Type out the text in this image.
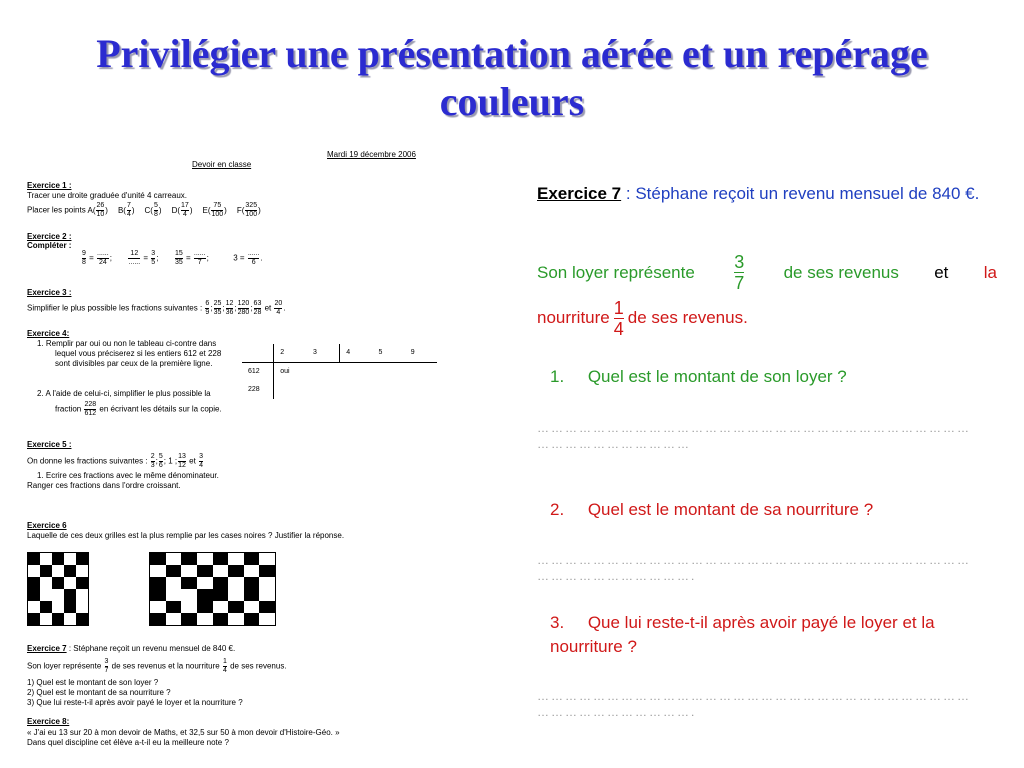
Privilégier une présentation aérée et un repérage couleurs
Mardi 19 décembre 2006
Devoir en classe
Exercice 1 :
Tracer une droite graduée d'unité 4 carreaux.
Placer les points $A( \frac{26}{10}$ ) $B( \frac{7}{4}$ ) $C( \frac{5}{8}$ ) $D( \frac{17}{4}$ ) $E( \frac{75}{100}$ ) $F( \frac{325}{100}$ )
Exercice 2 :
Compléter :
$\frac{9}{8} = \frac{......}{24}$ ; $\frac{12}{......} = \frac{3}{5}$ ; $\frac{15}{35} = \frac{......}{7}$ ;           $3 = \frac{......}{6}$ .
Exercice 3 :
Simplifier le plus possible les fractions suivantes : $\frac{6}{9}$ ; $\frac{25}{35}$ ; $\frac{12}{36}$ ; $\frac{120}{280}$ ; $\frac{63}{28}$ et $\frac{20}{4}$ .
Exercice 4:
1. Remplir par oui ou non le tableau ci-contre dans
lequel vous préciserez si les entiers 612 et 228
sont divisibles par ceux de la première ligne.
2. A l'aide de celui-ci, simplifier le plus possible la
fraction $\frac{228}{612}$ en écrivant les détails sur la copie.
	2	3	4	5	9
612	oui				
228					
Exercice 5 :
On donne les fractions suivantes : $\frac{2}{3}$ ; $\frac{5}{6}$ ; 1 ; $\frac{13}{12}$ et $\frac{3}{4}$
1. Ecrire ces fractions avec le même dénominateur.
Ranger ces fractions dans l'ordre croissant.
Exercice 6
Laquelle de ces deux grilles est la plus remplie par les cases noires ? Justifier la réponse.
Exercice 7 : Stéphane reçoit un revenu mensuel de 840 €.
Son loyer représente $\frac{3}{7}$ de ses revenus et la nourriture $\frac{1}{4}$ de ses revenus.
1) Quel est le montant de son loyer ?
2) Quel est le montant de sa nourriture ?
3) Que lui reste-t-il après avoir payé le loyer et la nourriture ?
Exercice 8:
« J'ai eu 13 sur 20 à mon devoir de Maths, et 32,5 sur 50 à mon devoir d'Histoire-Géo. »
Dans quel discipline cet élève a-t-il eu la meilleure note ?
Exercice 7 : Stéphane reçoit un revenu mensuel de 840 €.
Son loyer représente 3
7
de ses revenus et la
nourriture $\frac{1}{4}$ de ses revenus.
1. Quel est le montant de son loyer ?
…………………………………………………………………………………
……………………………
2. Quel est le montant de sa nourriture ?
…………………………………………………………………………………
…………………………….
3. Que lui reste-t-il après avoir payé le loyer et la nourriture ?
…………………………………………………………………………………
…………………………….
